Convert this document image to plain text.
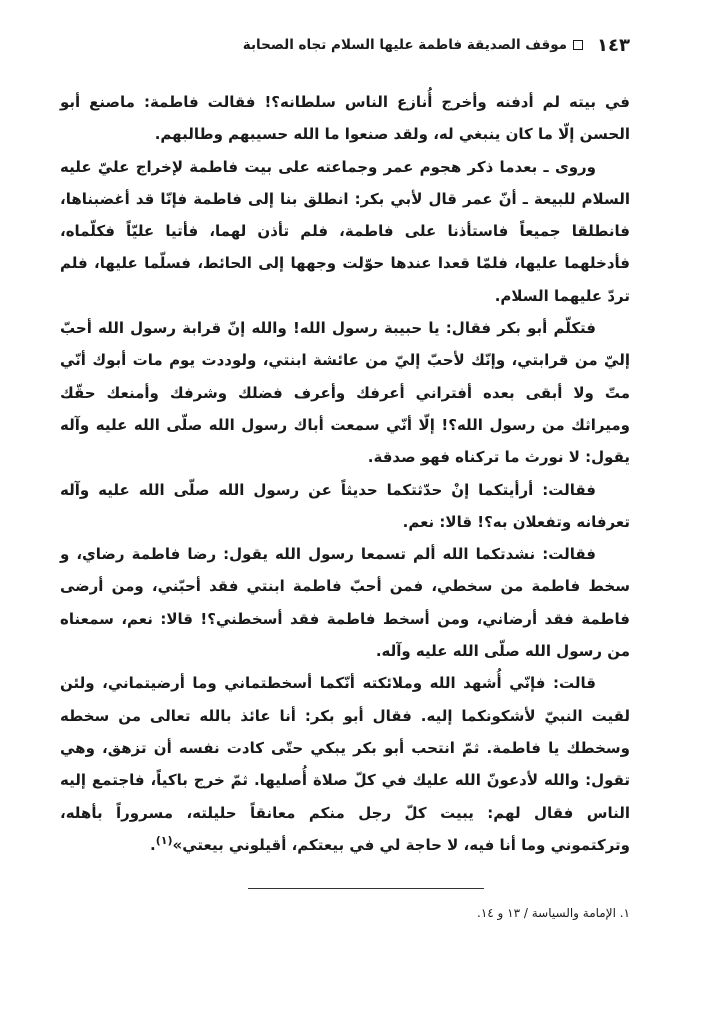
١٤٣
موقف الصديقة فاطمة عليها السلام تجاه الصحابة

في بيته لم أدفنه وأخرج أُنازع الناس سلطانه؟! فقالت فاطمة: ماصنع أبو الحسن إلّا ما كان ينبغي له، ولقد صنعوا ما الله حسيبهم وطالبهم.

وروى ـ بعدما ذكر هجوم عمر وجماعته على بيت فاطمة لإخراج عليّ عليه السلام للبيعة ـ أنّ عمر قال لأبي بكر: انطلق بنا إلى فاطمة فإنّا قد أغضبناها، فانطلقا جميعاً فاستأذنا على فاطمة، فلم تأذن لهما، فأتيا عليّاً فكلّماه، فأدخلهما عليها، فلمّا قعدا عندها حوّلت وجهها إلى الحائط، فسلّما عليها، فلم تردّ عليهما السلام.

فتكلّم أبو بكر فقال: يا حبيبة رسول الله! والله إنّ قرابة رسول الله أحبّ إليّ من قرابتي، وإنّك لأحبّ إليّ من عائشة ابنتي، ولوددت يوم مات أبوك أنّي متّ ولا أبقى بعده أفتراني أعرفك وأعرف فضلك وشرفك وأمنعك حقّك وميراثك من رسول الله؟! إلّا أنّي سمعت أباك رسول الله صلّى الله عليه وآله يقول: لا نورث ما تركناه فهو صدقة.

فقالت: أرأيتكما إنْ حدّثتكما حديثاً عن رسول الله صلّى الله عليه وآله تعرفانه وتفعلان به؟! قالا: نعم.

فقالت: نشدتكما الله ألم تسمعا رسول الله يقول: رضا فاطمة رضاي، و سخط فاطمة من سخطي، فمن أحبّ فاطمة ابنتي فقد أحبّني، ومن أرضى فاطمة فقد أرضاني، ومن أسخط فاطمة فقد أسخطني؟! قالا: نعم، سمعناه من رسول الله صلّى الله عليه وآله.

قالت: فإنّي أُشهد الله وملائكته أنّكما أسخطتماني وما أرضيتماني، ولئن لقيت النبيّ لأشكونكما إليه. فقال أبو بكر: أنا عائذ بالله تعالى من سخطه وسخطك يا فاطمة. ثمّ انتحب أبو بكر يبكي حتّى كادت نفسه أن تزهق، وهي تقول: والله لأدعونّ الله عليك في كلّ صلاة أُصليها. ثمّ خرج باكياً، فاجتمع إليه الناس فقال لهم: يبيت كلّ رجل منكم معانقاً حليلته، مسروراً بأهله، وتركتموني وما أنا فيه، لا حاجة لي في بيعتكم، أقيلوني بيعتي»$^{(١)}$.

١. الإمامة والسياسة / ١٣ و ١٤.
